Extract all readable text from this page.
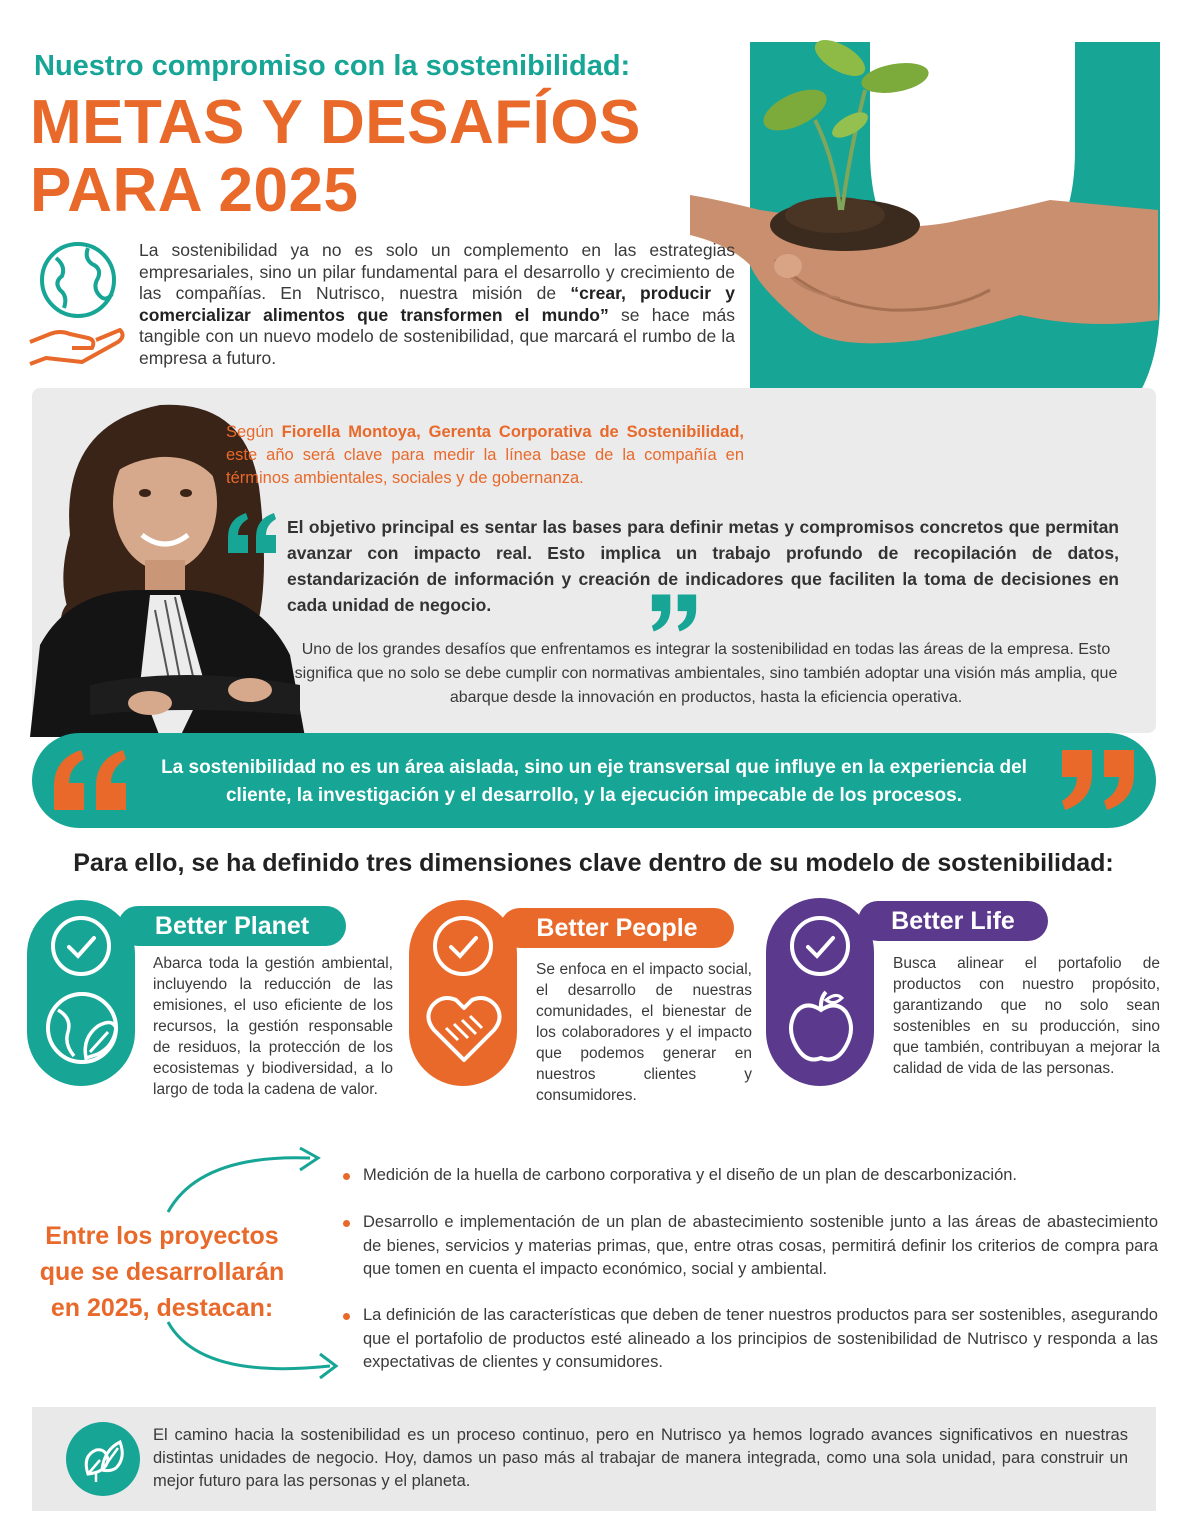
Nuestro compromiso con la sostenibilidad:
METAS Y DESAFÍOS
PARA 2025
La sostenibilidad ya no es solo un complemento en las estrategias empresariales, sino un pilar fundamental para el desarrollo y crecimiento de las compañías. En Nutrisco, nuestra misión de “crear, producir y comercializar alimentos que transformen el mundo” se hace más tangible con un nuevo modelo de sostenibilidad, que marcará el rumbo de la empresa a futuro.
Según Fiorella Montoya, Gerenta Corporativa de Sostenibilidad, este año será clave para medir la línea base de la compañía en términos ambientales, sociales y de gobernanza.
El objetivo principal es sentar las bases para definir metas y compromisos concretos que permitan avanzar con impacto real. Esto implica un trabajo profundo de recopilación de datos, estandarización de información y creación de indicadores que faciliten la toma de decisiones en cada unidad de negocio.
Uno de los grandes desafíos que enfrentamos es integrar la sostenibilidad en todas las áreas de la empresa. Esto significa que no solo se debe cumplir con normativas ambientales, sino también adoptar una visión más amplia, que abarque desde la innovación en productos, hasta la eficiencia operativa.
La sostenibilidad no es un área aislada, sino un eje transversal que influye en la experiencia del cliente, la investigación y el desarrollo, y la ejecución impecable de los procesos.
Para ello, se ha definido tres dimensiones clave dentro de su modelo de sostenibilidad:
Better Planet
Abarca toda la gestión ambiental, incluyendo la reducción de las emisiones, el uso eficiente de los recursos, la gestión responsable de residuos, la protección de los ecosistemas y biodiversidad, a lo largo de toda la cadena de valor.
Better People
Se enfoca en el impacto social, el desarrollo de nuestras comunidades, el bienestar de los colaboradores y el impacto que podemos generar en nuestros clientes y consumidores.
Better Life
Busca alinear el portafolio de productos con nuestro propósito, garantizando que no solo sean sostenibles en su producción, sino que también, contribuyan a mejorar la calidad de vida de las personas.
Entre los proyectos que se desarrollarán en 2025, destacan:
Medición de la huella de carbono corporativa y el diseño de un plan de descarbonización.
Desarrollo e implementación de un plan de abastecimiento sostenible junto a las áreas de abastecimiento de bienes, servicios y materias primas, que, entre otras cosas, permitirá definir los criterios de compra para que tomen en cuenta el impacto económico, social y ambiental.
La definición de las características que deben de tener nuestros productos para ser sostenibles, asegurando que el portafolio de productos esté alineado a los principios de sostenibilidad de Nutrisco y responda a las expectativas de clientes y consumidores.
El camino hacia la sostenibilidad es un proceso continuo, pero en Nutrisco ya hemos logrado avances significativos en nuestras distintas unidades de negocio. Hoy, damos un paso más al trabajar de manera integrada, como una sola unidad, para construir un mejor futuro para las personas y el planeta.
